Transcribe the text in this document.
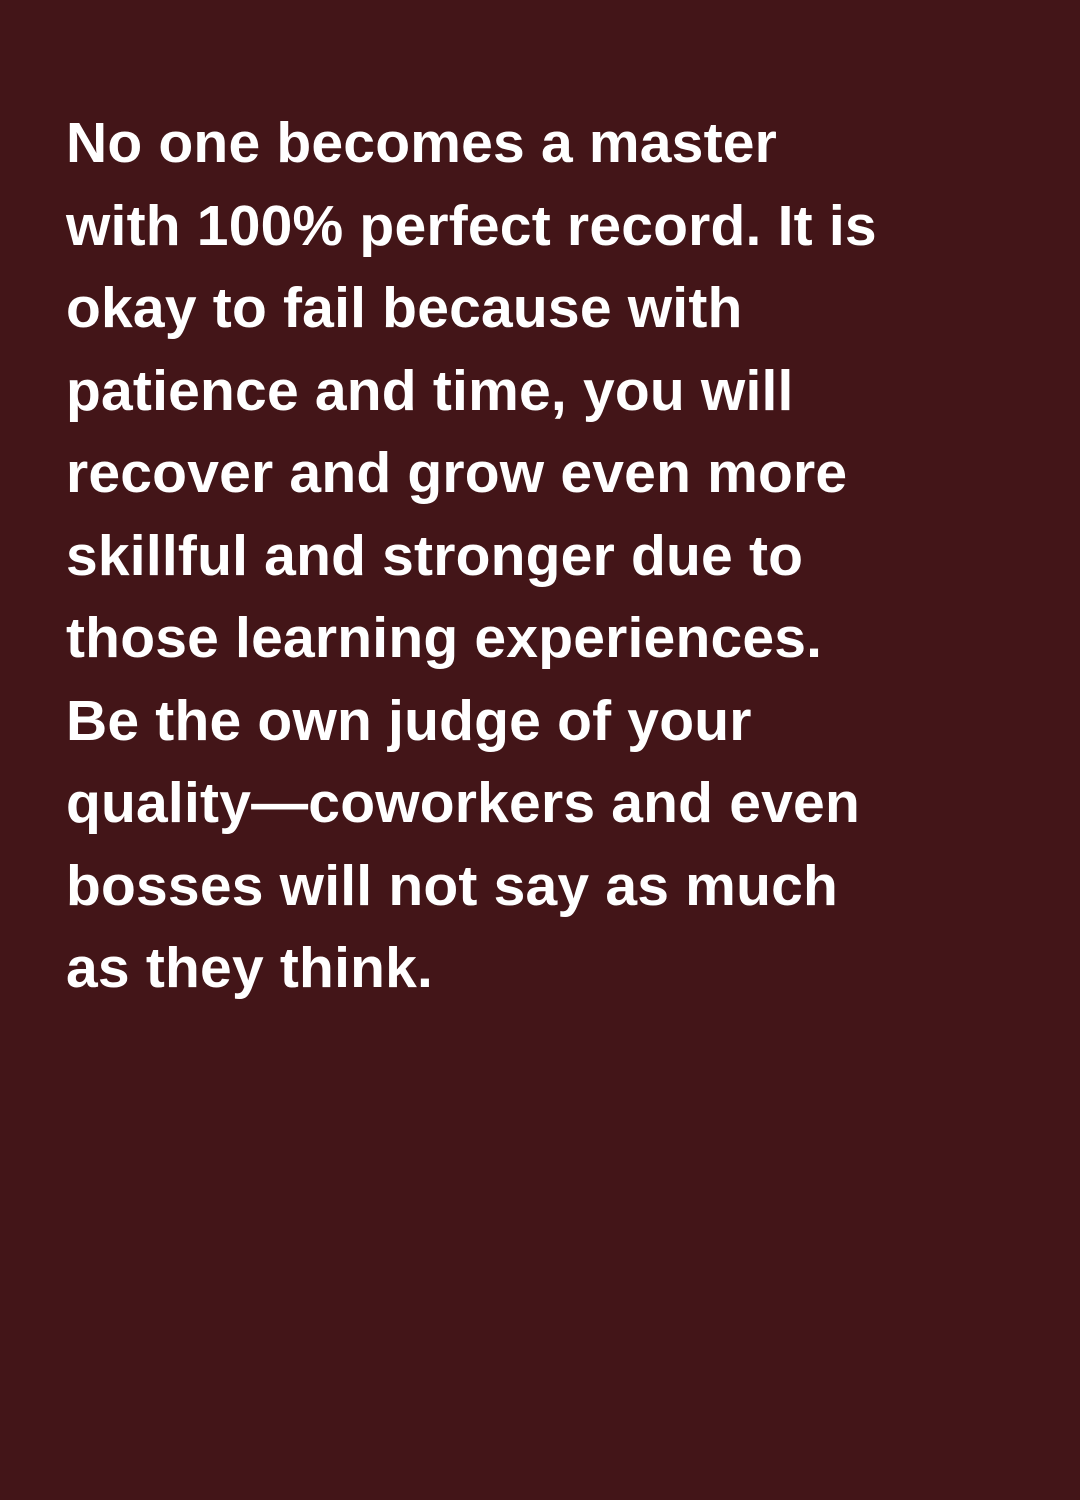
No one becomes a master
with 100% perfect record. It is
okay to fail because with
patience and time, you will
recover and grow even more
skillful and stronger due to
those learning experiences.
Be the own judge of your
quality—coworkers and even
bosses will not say as much
as they think.
